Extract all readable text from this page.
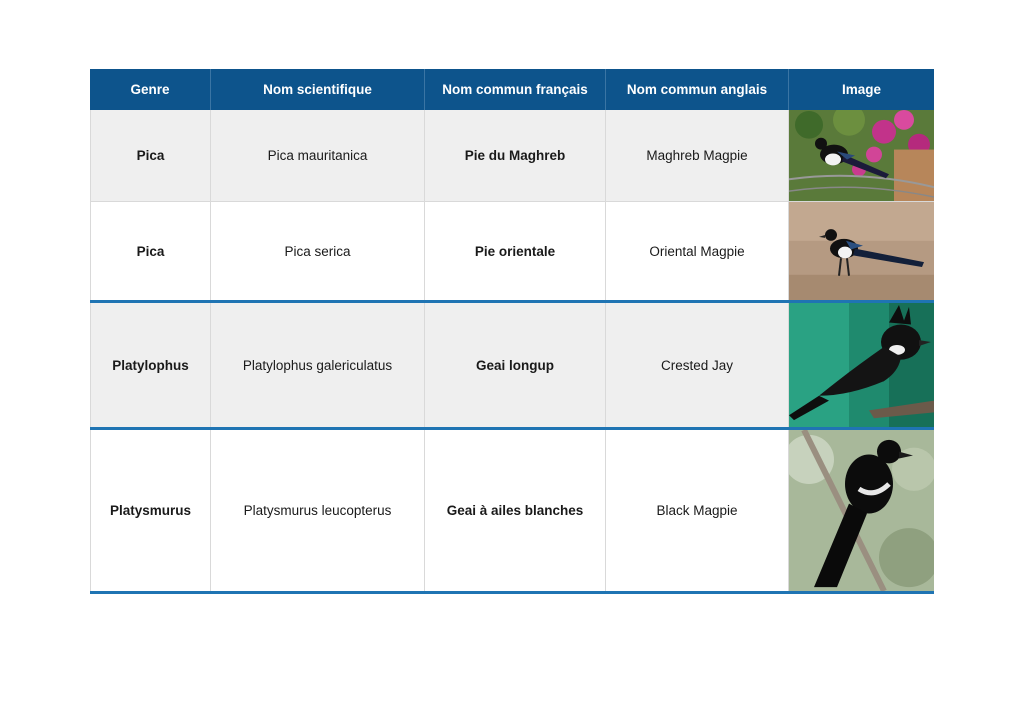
Genre	Nom scientifique	Nom commun français	Nom commun anglais	Image
Pica	Pica mauritanica	Pie du Maghreb	Maghreb Magpie
Pica	Pica serica	Pie orientale	Oriental Magpie
Platylophus	Platylophus galericulatus	Geai longup	Crested Jay
Platysmurus	Platysmurus leucopterus	Geai à ailes blanches	Black Magpie
